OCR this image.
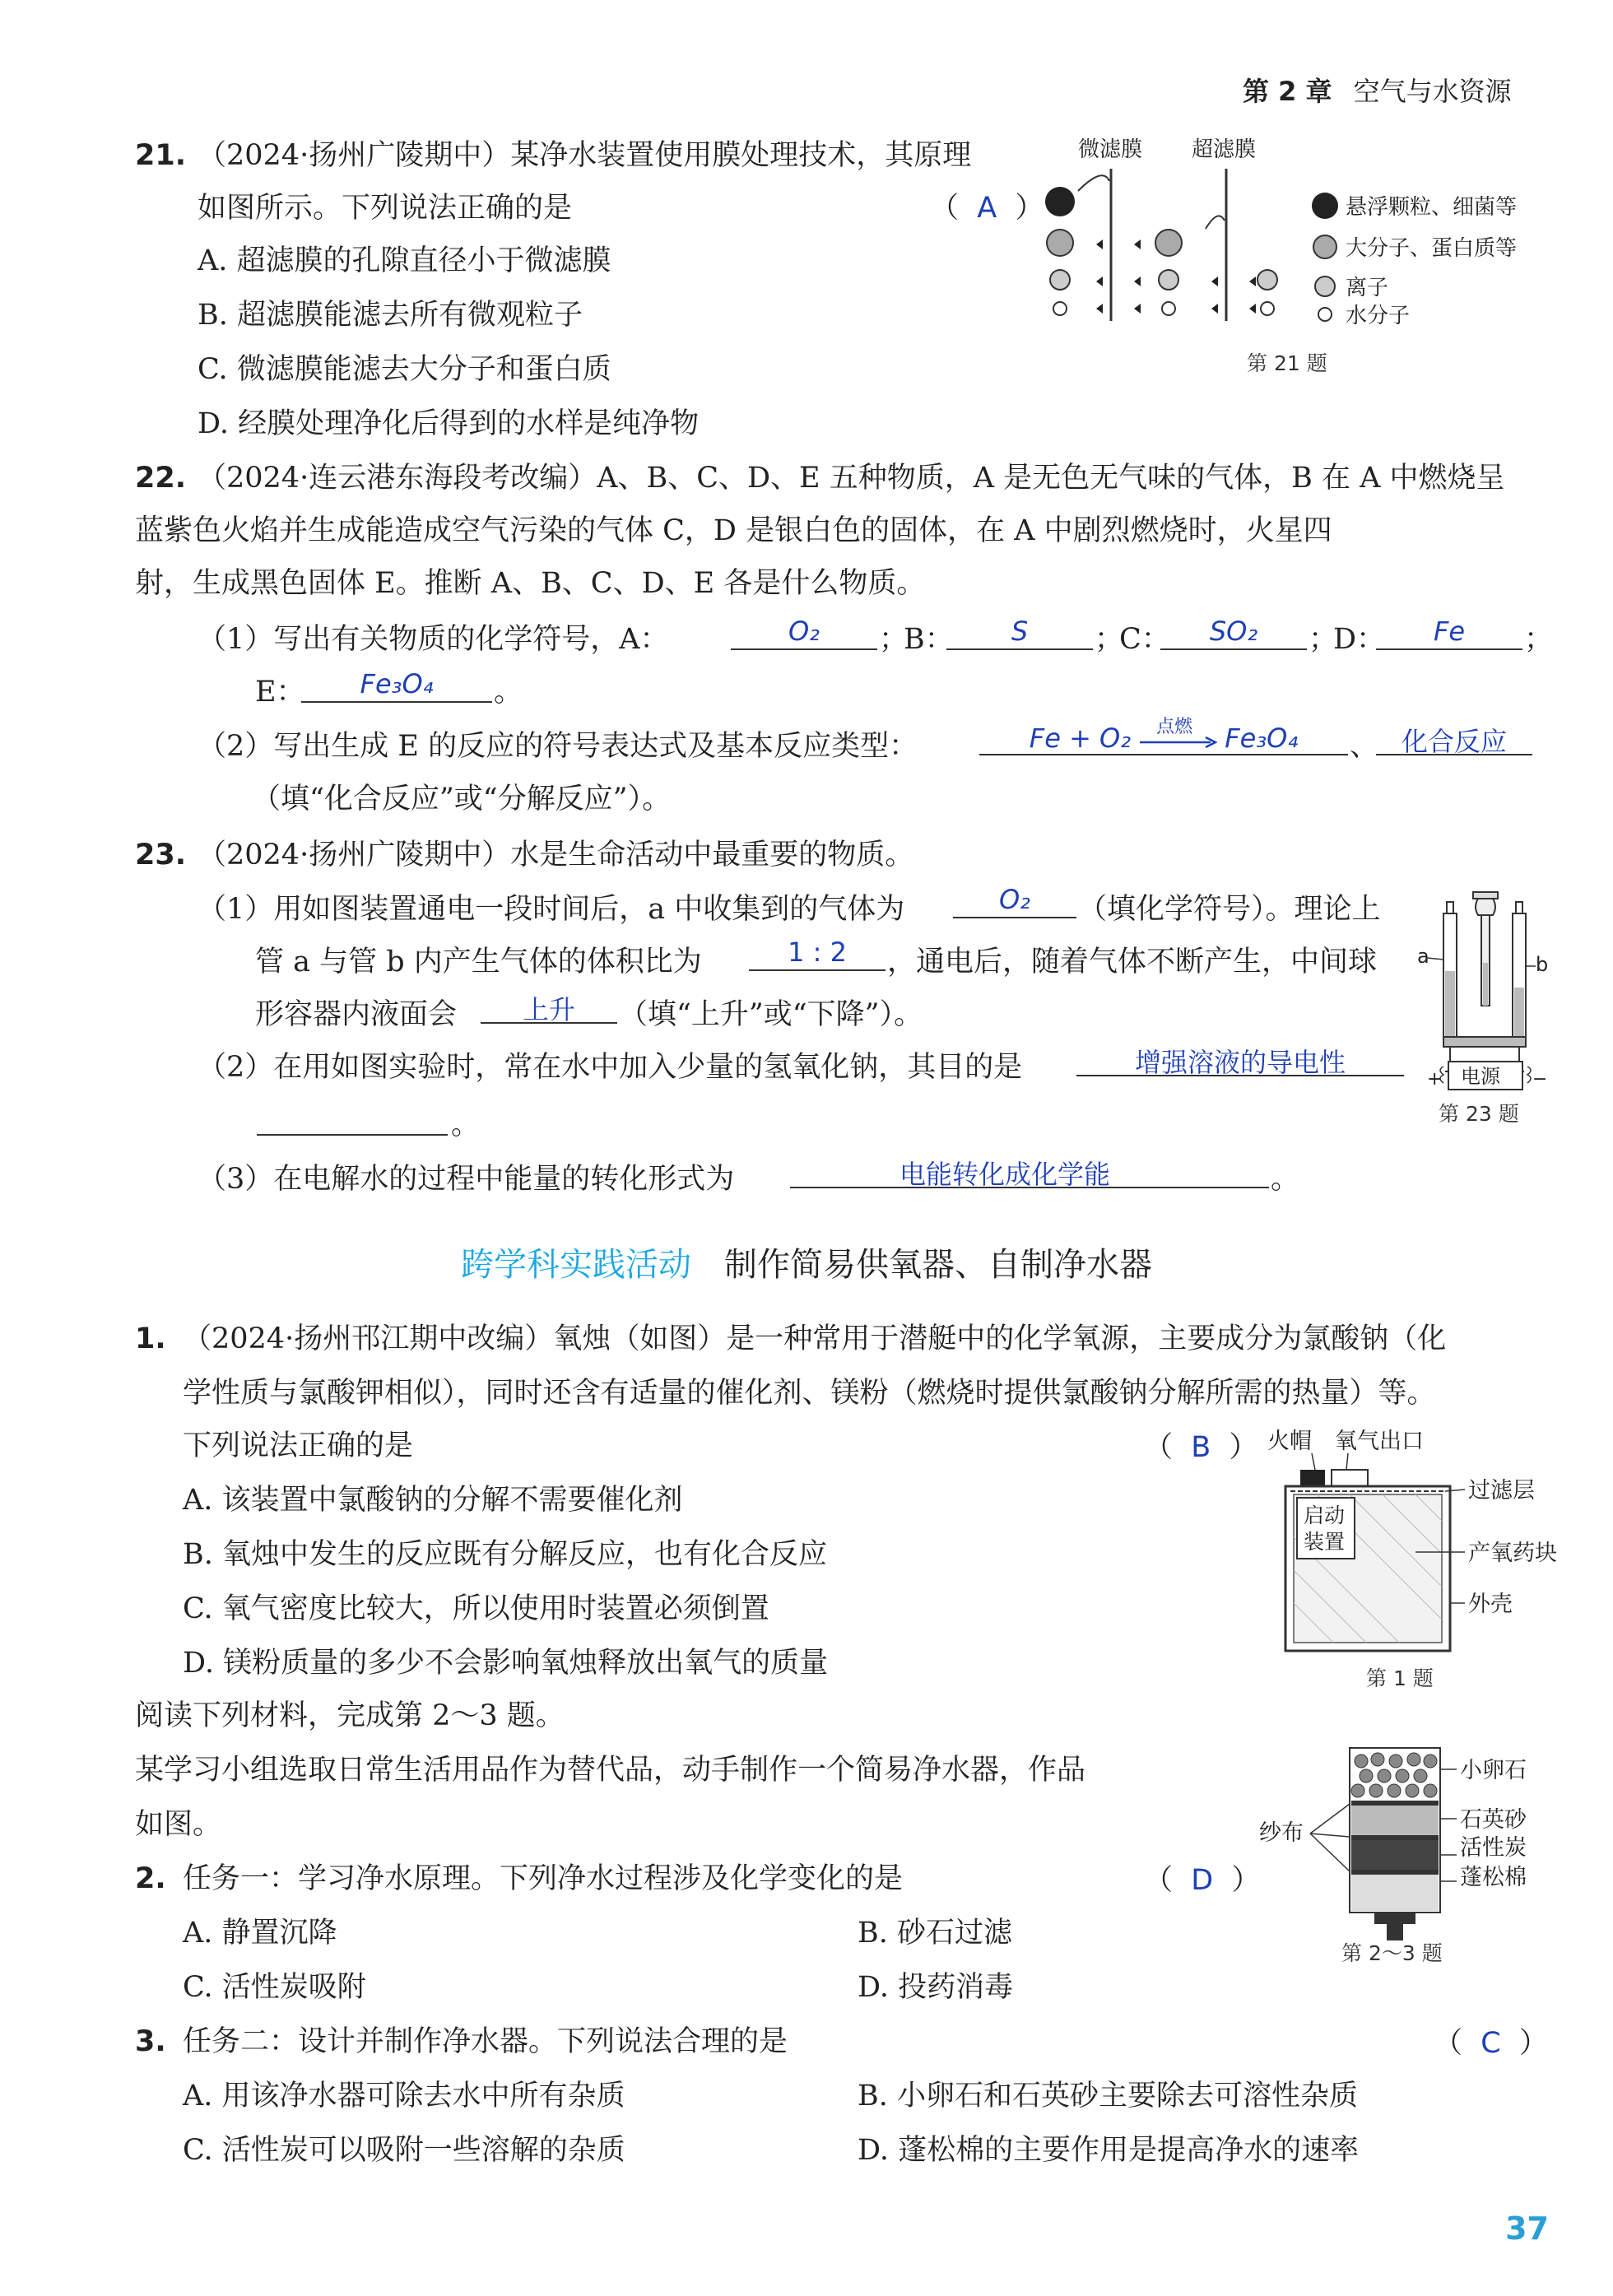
第 2 章 空气与水资源
21. （2024·扬州广陵期中）某净水装置使用膜处理技术，其原理
如图所示。下列说法正确的是	（  A  ）
A. 超滤膜的孔隙直径小于微滤膜
B. 超滤膜能滤去所有微观粒子
C. 微滤膜能滤去大分子和蛋白质
D. 经膜处理净化后得到的水样是纯净物
微滤膜 超滤膜
悬浮颗粒、细菌等
大分子、蛋白质等
离子
水分子
第 21 题
22. （2024·连云港东海段考改编）A、B、C、D、E 五种物质，A 是无色无气味的气体，B 在 A 中燃烧呈
蓝紫色火焰并生成能造成空气污染的气体 C，D 是银白色的固体，在 A 中剧烈燃烧时，火星四
射，生成黑色固体 E。推断 A、B、C、D、E 各是什么物质。
（1）写出有关物质的化学符号，A：	O₂	；
B：	S	；
C：	SO₂	；
D：	Fe	；
E：	Fe₃O₄	。
（2）写出生成 E 的反应的符号表达式及基本反应类型：	Fe + O₂ 点燃 Fe₃O₄	、 化合反应
（填“化合反应”或“分解反应”）。
23. （2024·扬州广陵期中）水是生命活动中最重要的物质。
（1）用如图装置通电一段时间后，a 中收集到的气体为	O₂	（填化学符号）。理论上
管 a 与管 b 内产生气体的体积比为	1 : 2	，通电后，随着气体不断产生，中间球
形容器内液面会	上升	（填“上升”或“下降”）。
（2）在用如图实验时，常在水中加入少量的氢氧化钠，其目的是	增强溶液的导电性
。
（3）在电解水的过程中能量的转化形式为	电能转化成化学能	。
a	b
电源
+	−
第 23 题
跨学科实践活动 制作简易供氧器、自制净水器
1. （2024·扬州邗江期中改编）氧烛（如图）是一种常用于潜艇中的化学氧源，主要成分为氯酸钠（化
学性质与氯酸钾相似），同时还含有适量的催化剂、镁粉（燃烧时提供氯酸钠分解所需的热量）等。
下列说法正确的是	（  B  ）
A. 该装置中氯酸钠的分解不需要催化剂
B. 氧烛中发生的反应既有分解反应，也有化合反应
C. 氧气密度比较大，所以使用时装置必须倒置
D. 镁粉质量的多少不会影响氧烛释放出氧气的质量
火帽 氧气出口
启动
装置
过滤层
产氧药块
外壳
第 1 题
阅读下列材料，完成第 2～3 题。
某学习小组选取日常生活用品作为替代品，动手制作一个简易净水器，作品
如图。	纱布
小卵石
石英砂
活性炭
蓬松棉
第 2～3 题
2. 任务一：学习净水原理。下列净水过程涉及化学变化的是	（  D  ）
A. 静置沉降	B. 砂石过滤
C. 活性炭吸附	D. 投药消毒
3. 任务二：设计并制作净水器。下列说法合理的是	（  C  ）
A. 用该净水器可除去水中所有杂质	B. 小卵石和石英砂主要除去可溶性杂质
C. 活性炭可以吸附一些溶解的杂质	D. 蓬松棉的主要作用是提高净水的速率
37
